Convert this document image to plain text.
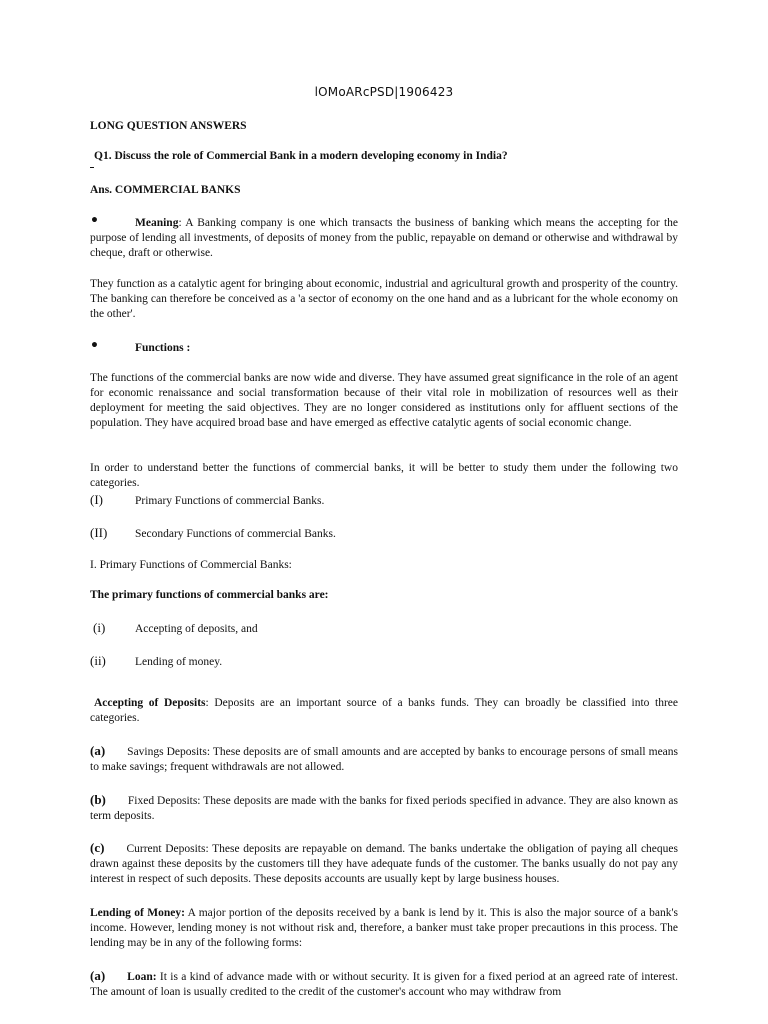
lOMoARcPSD|1906423
LONG QUESTION ANSWERS
Q1. Discuss the role of Commercial Bank in a modern developing economy in India?
Ans. COMMERCIAL BANKS
•	Meaning: A Banking company is one which transacts the business of banking which means the accepting for the purpose of lending all investments, of deposits of money from the public, repayable on demand or otherwise and withdrawal by cheque, draft or otherwise.
They function as a catalytic agent for bringing about economic, industrial and agricultural growth and prosperity of the country. The banking can therefore be conceived as a 'a sector of economy on the one hand and as a lubricant for the whole economy on the other'.
•	Functions :
The functions of the commercial banks are now wide and diverse. They have assumed great significance in the role of an agent for economic renaissance and social transformation because of their vital role in mobilization of resources well as their deployment for meeting the said objectives. They are no longer considered as institutions only for affluent sections of the population. They have acquired broad base and have emerged as effective catalytic agents of social economic change.
In order to understand better the functions of commercial banks, it will be better to study them under the following two categories.
(I)	Primary Functions of commercial Banks.
(II) Secondary Functions of commercial Banks.
I. Primary Functions of Commercial Banks:
The primary functions of commercial banks are:
(i)	Accepting of deposits, and
(ii)	Lending of money.
Accepting of Deposits: Deposits are an important source of a banks funds. They can broadly be classified into three categories.
(a) Savings Deposits: These deposits are of small amounts and are accepted by banks to encourage persons of small means to make savings; frequent withdrawals are not allowed.
(b) Fixed Deposits: These deposits are made with the banks for fixed periods specified in advance. They are also known as term deposits.
(c) Current Deposits: These deposits are repayable on demand. The banks undertake the obligation of paying all cheques drawn against these deposits by the customers till they have adequate funds of the customer. The banks usually do not pay any interest in respect of such deposits. These deposits accounts are usually kept by large business houses.
Lending of Money: A major portion of the deposits received by a bank is lend by it. This is also the major source of a bank's income. However, lending money is not without risk and, therefore, a banker must take proper precautions in this process. The lending may be in any of the following forms:
(a) Loan: It is a kind of advance made with or without security. It is given for a fixed period at an agreed rate of interest. The amount of loan is usually credited to the credit of the customer's account who may withdraw from
